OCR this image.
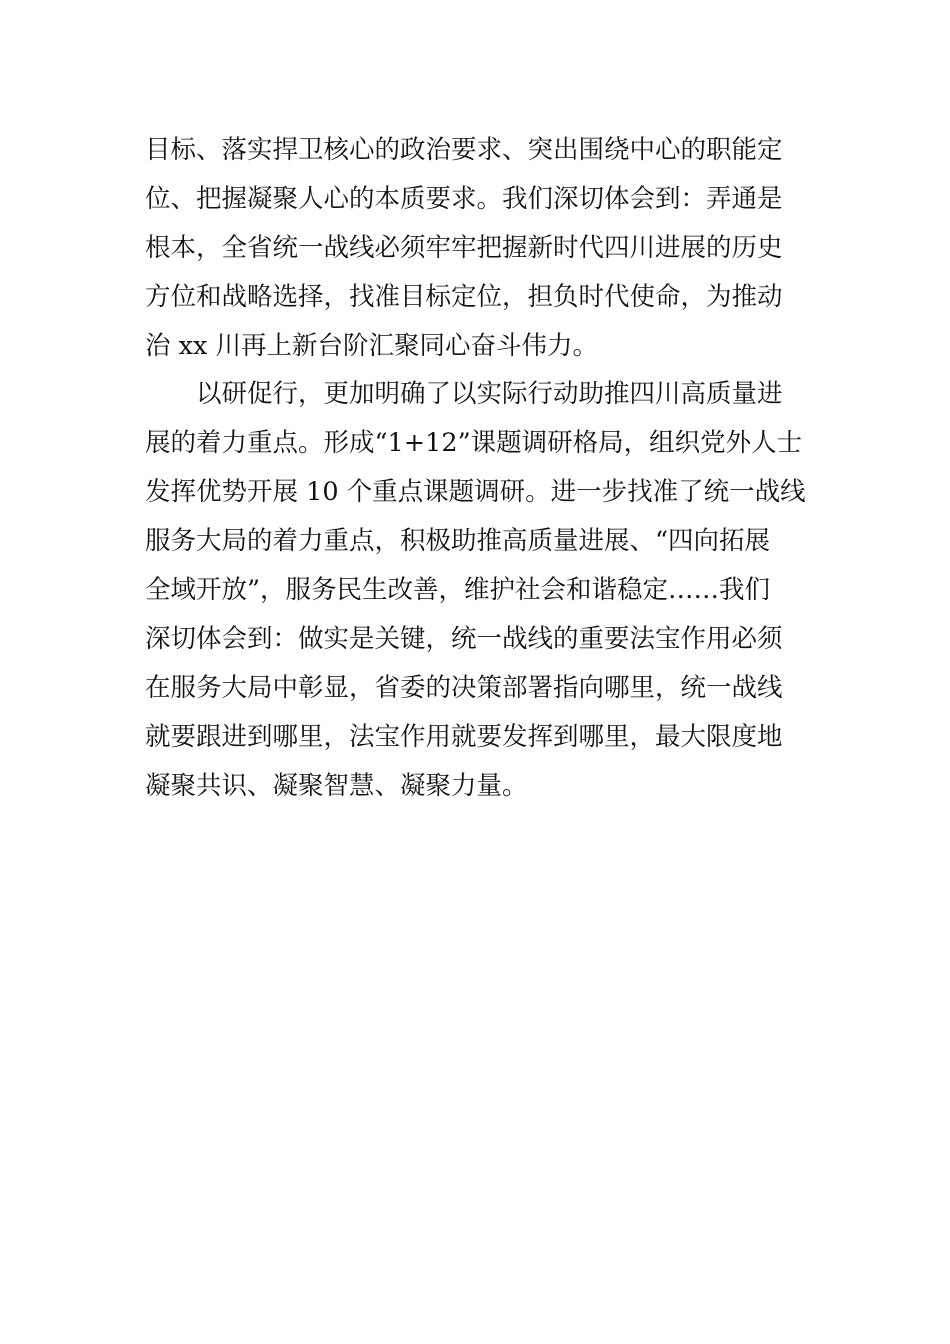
目标、落实捍卫核心的政治要求、突出围绕中心的职能定
位、把握凝聚人心的本质要求。我们深切体会到：弄通是
根本，全省统一战线必须牢牢把握新时代四川进展的历史
方位和战略选择，找准目标定位，担负时代使命，为推动
治 xx 川再上新台阶汇聚同心奋斗伟力。
以研促行，更加明确了以实际行动助推四川高质量进
展的着力重点。形成“1+12”课题调研格局，组织党外人士
发挥优势开展 10 个重点课题调研。进一步找准了统一战线
服务大局的着力重点，积极助推高质量进展、“四向拓展
全域开放”，服务民生改善，维护社会和谐稳定……我们
深切体会到：做实是关键，统一战线的重要法宝作用必须
在服务大局中彰显，省委的决策部署指向哪里，统一战线
就要跟进到哪里，法宝作用就要发挥到哪里，最大限度地
凝聚共识、凝聚智慧、凝聚力量。
